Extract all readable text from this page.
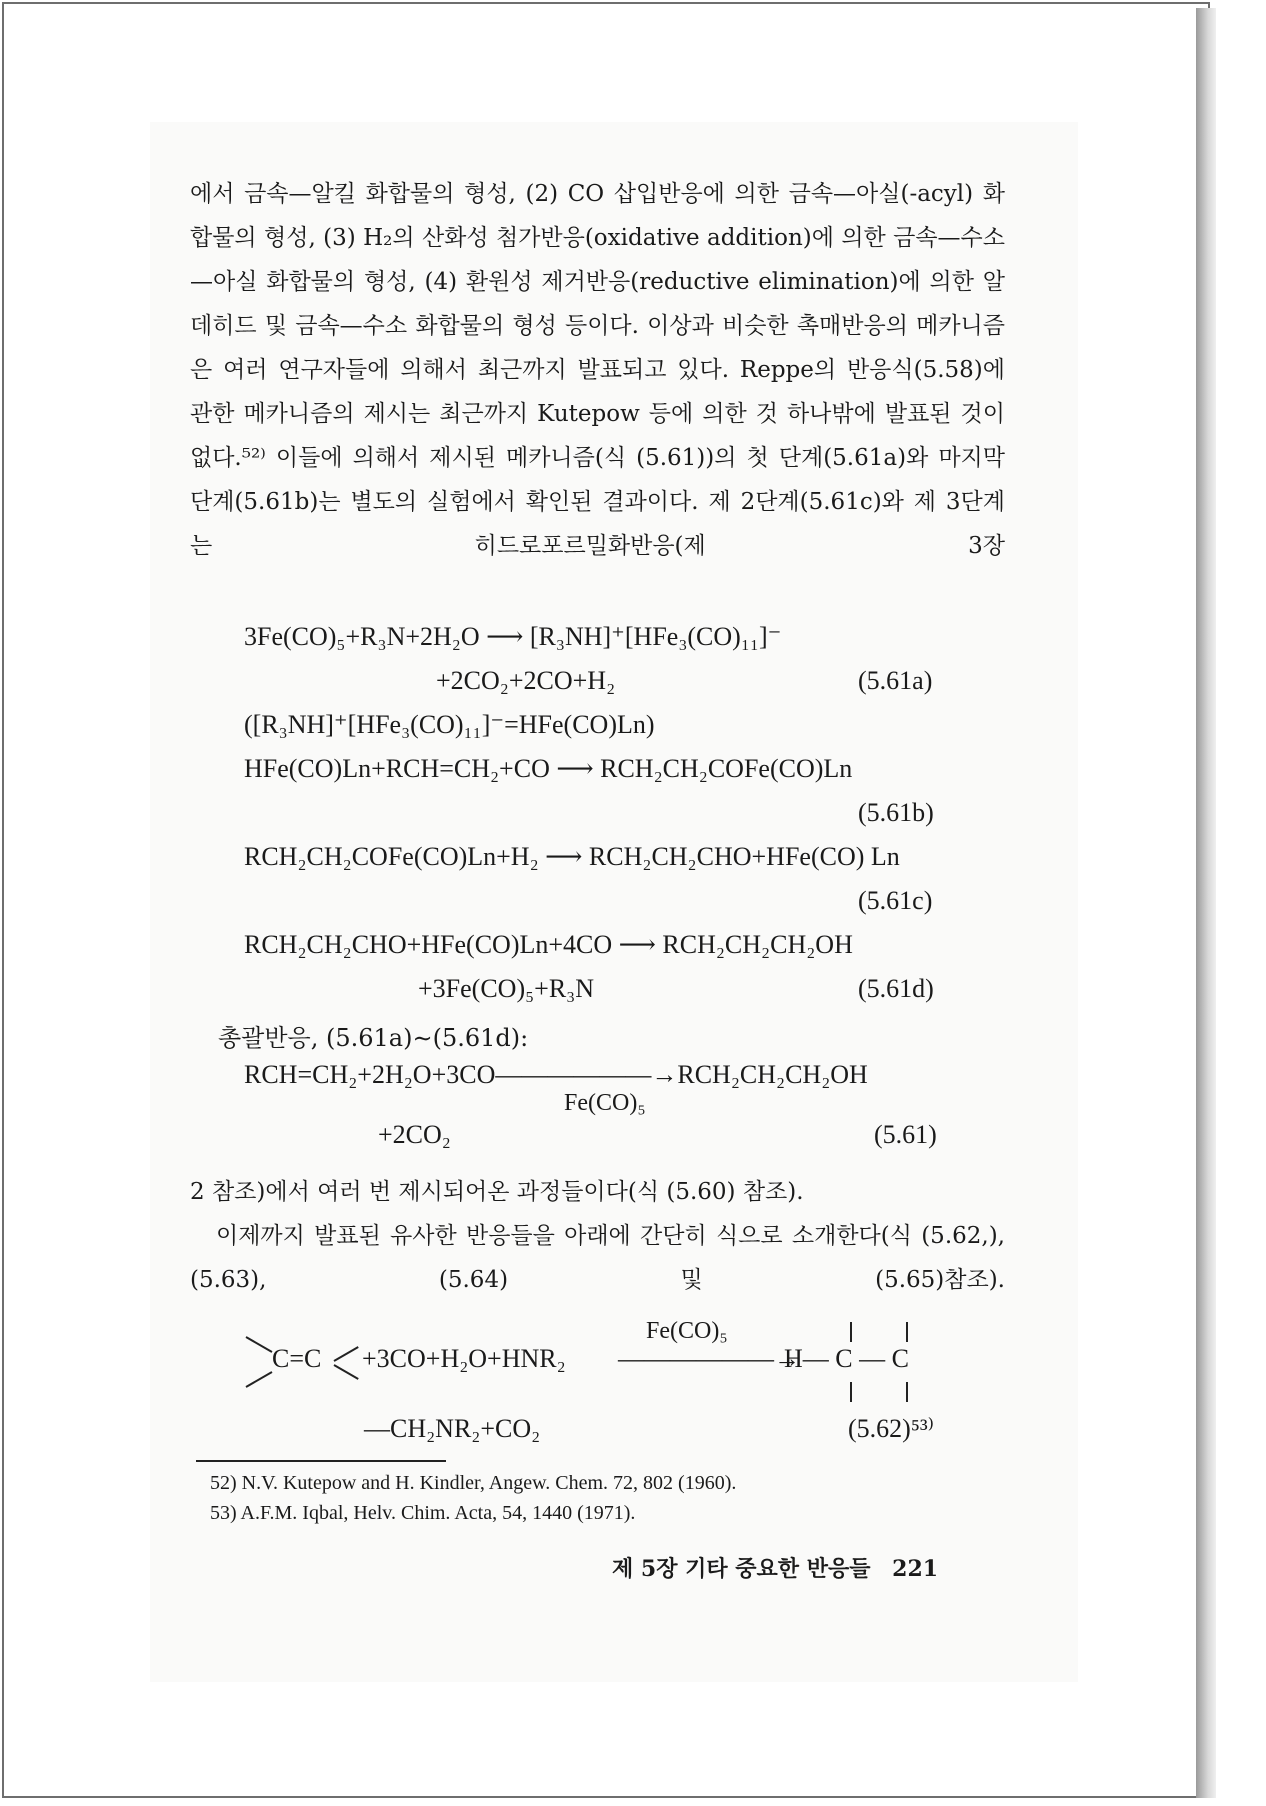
에서 금속—알킬 화합물의 형성, (2) CO 삽입반응에 의한 금속—아실(-acyl) 화합물의 형성, (3) H₂의 산화성 첨가반응(oxidative addition)에 의한 금속—수소—아실 화합물의 형성, (4) 환원성 제거반응(reductive elimination)에 의한 알데히드 및 금속—수소 화합물의 형성 등이다. 이상과 비슷한 촉매반응의 메카니즘은 여러 연구자들에 의해서 최근까지 발표되고 있다. Reppe의 반응식(5.58)에 관한 메카니즘의 제시는 최근까지 Kutepow 등에 의한 것 하나밖에 발표된 것이 없다.⁵²⁾ 이들에 의해서 제시된 메카니즘(식 (5.61))의 첫 단계(5.61a)와 마지막 단계(5.61b)는 별도의 실험에서 확인된 결과이다. 제 2단계(5.61c)와 제 3단계는 히드로포르밀화반응(제 3장

3Fe(CO)₅+R₃N+2H₂O ⟶ [R₃NH]⁺[HFe₃(CO)₁₁]⁻
+2CO₂+2CO+H₂	(5.61a)
([R₃NH]⁺[HFe₃(CO)₁₁]⁻=HFe(CO)Ln)
HFe(CO)Ln+RCH=CH₂+CO ⟶ RCH₂CH₂COFe(CO)Ln
(5.61b)
RCH₂CH₂COFe(CO)Ln+H₂ ⟶ RCH₂CH₂CHO+HFe(CO) Ln
(5.61c)
RCH₂CH₂CHO+HFe(CO)Ln+4CO ⟶ RCH₂CH₂CH₂OH
+3Fe(CO)₅+R₃N	(5.61d)
총괄반응, (5.61a)∼(5.61d):
RCH=CH₂+2H₂O+3CO——————→RCH₂CH₂CH₂OH
Fe(CO)₅
+2CO₂	(5.61)

2 참조)에서 여러 번 제시되어온 과정들이다(식 (5.60) 참조).

이제까지 발표된 유사한 반응들을 아래에 간단히 식으로 소개한다(식 (5.62,), (5.63), (5.64) 및 (5.65)참조).

C=C +3CO+H₂O+HNR₂
Fe(CO)₅
——————→
H— C — C
—CH₂NR₂+CO₂	(5.62)⁵³⁾
52) N.V. Kutepow and H. Kindler, Angew. Chem. 72, 802 (1960).
53) A.F.M. Iqbal, Helv. Chim. Acta, 54, 1440 (1971).
제 5장 기타 중요한 반응들 221
